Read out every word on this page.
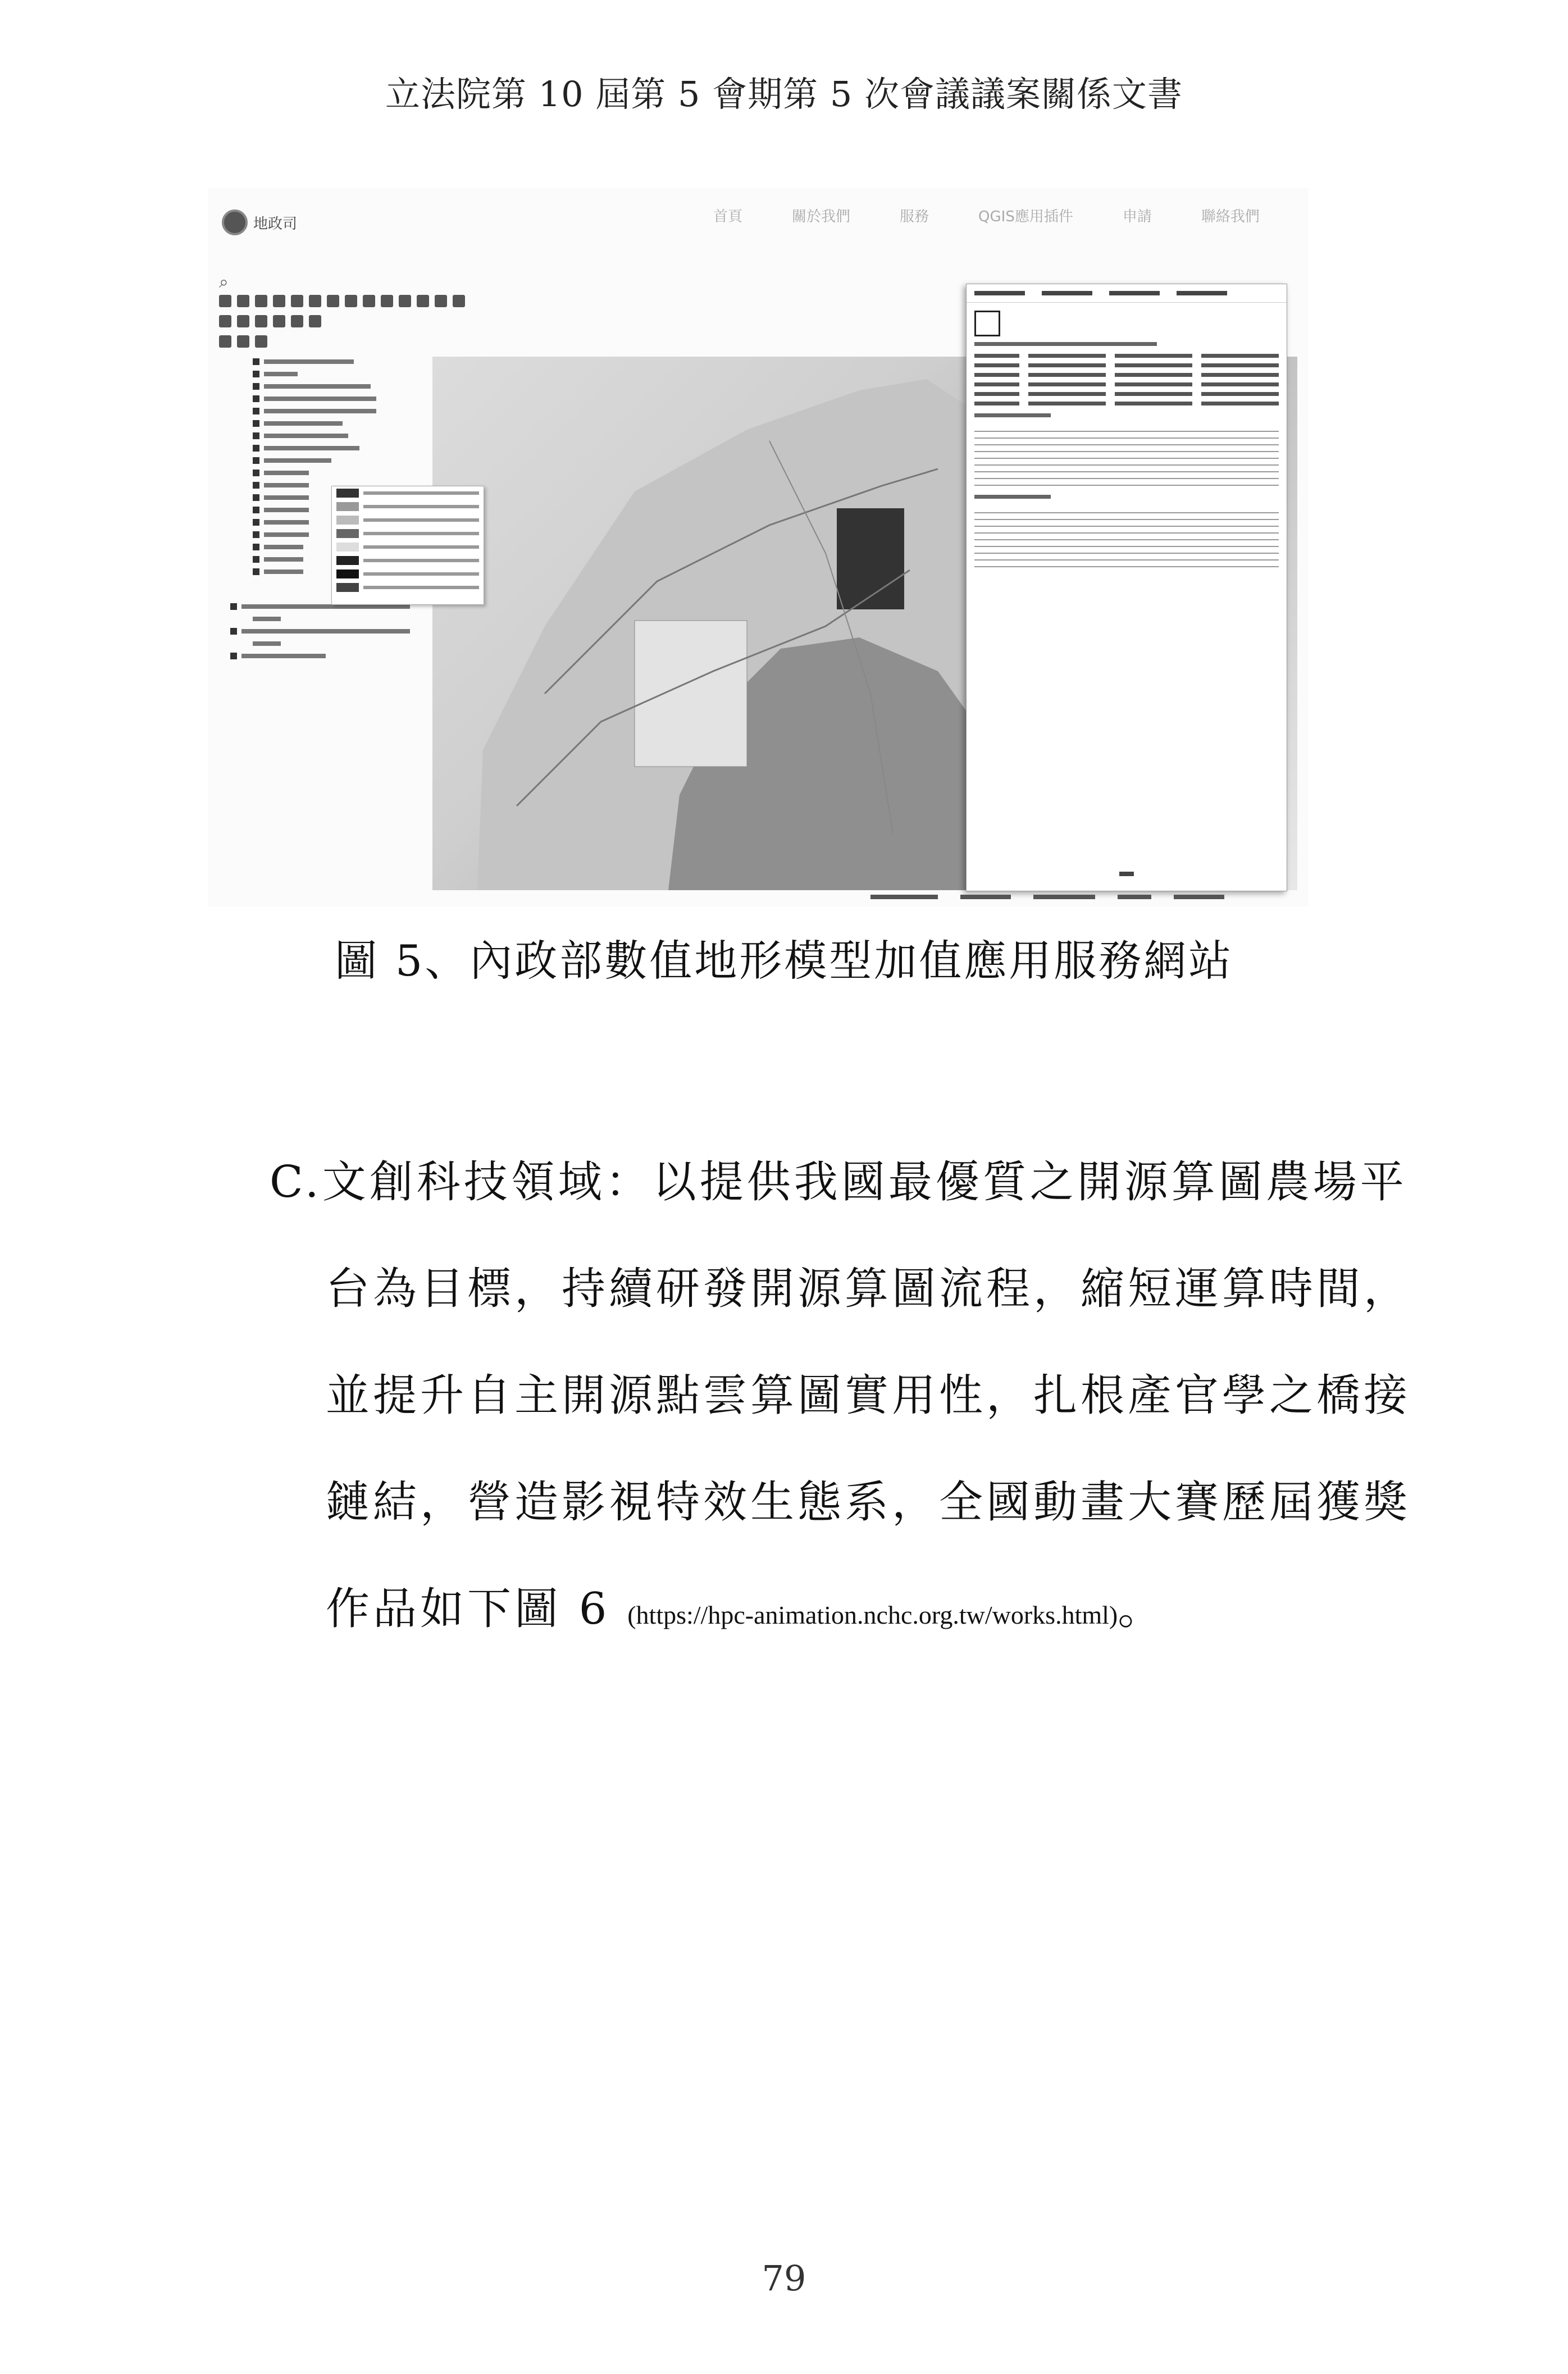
立法院第 10 屆第 5 會期第 5 次會議議案關係文書
地政司	首頁	關於我們	服務	QGIS應用插件	申請	聯絡我們
⌕
圖 5、內政部數值地形模型加值應用服務網站
C.文創科技領域：以提供我國最優質之開源算圖農場平
台為目標，持續研發開源算圖流程，縮短運算時間，
並提升自主開源點雲算圖實用性，扎根產官學之橋接
鏈結，營造影視特效生態系，全國動畫大賽歷屆獲獎
作品如下圖 6 (https://hpc-animation.nchc.org.tw/works.html)。
79
